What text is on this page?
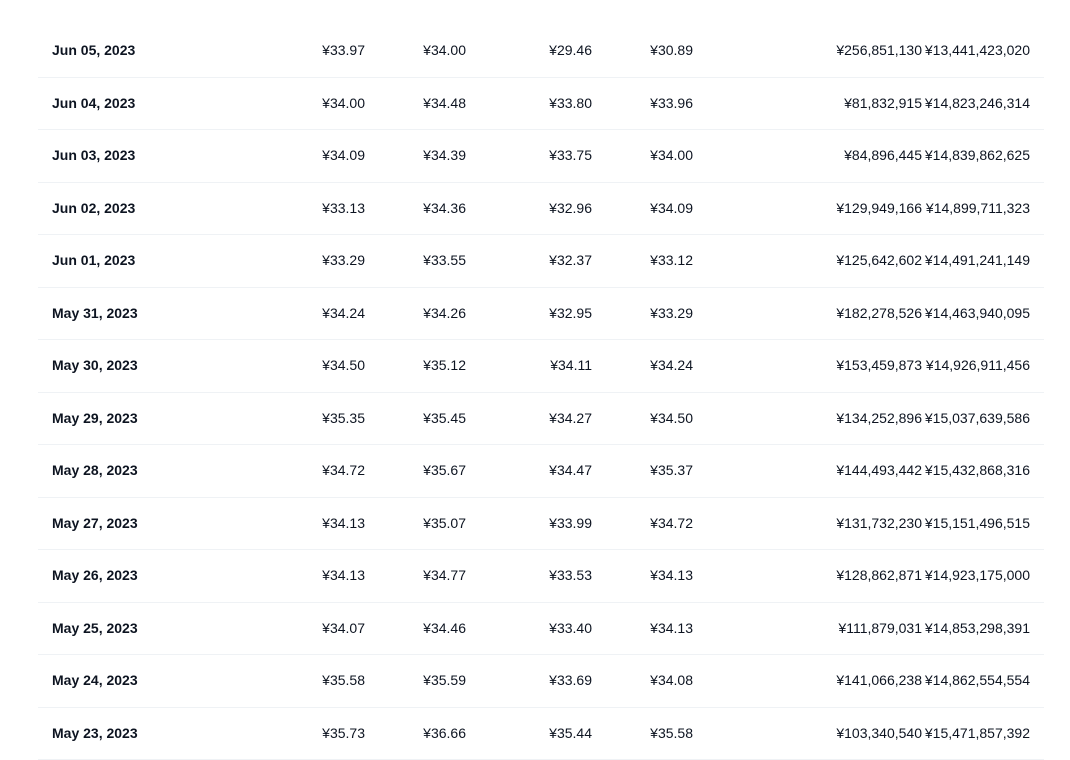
Jun 05, 2023	¥33.97	¥34.00	¥29.46	¥30.89	¥256,851,130 ¥13,441,423,020
Jun 04, 2023	¥34.00	¥34.48	¥33.80	¥33.96	¥81,832,915 ¥14,823,246,314
Jun 03, 2023	¥34.09	¥34.39	¥33.75	¥34.00	¥84,896,445 ¥14,839,862,625
Jun 02, 2023	¥33.13	¥34.36	¥32.96	¥34.09	¥129,949,166 ¥14,899,711,323
Jun 01, 2023	¥33.29	¥33.55	¥32.37	¥33.12	¥125,642,602 ¥14,491,241,149
May 31, 2023	¥34.24	¥34.26	¥32.95	¥33.29	¥182,278,526 ¥14,463,940,095
May 30, 2023	¥34.50	¥35.12	¥34.11	¥34.24	¥153,459,873 ¥14,926,911,456
May 29, 2023	¥35.35	¥35.45	¥34.27	¥34.50	¥134,252,896 ¥15,037,639,586
May 28, 2023	¥34.72	¥35.67	¥34.47	¥35.37	¥144,493,442 ¥15,432,868,316
May 27, 2023	¥34.13	¥35.07	¥33.99	¥34.72	¥131,732,230 ¥15,151,496,515
May 26, 2023	¥34.13	¥34.77	¥33.53	¥34.13	¥128,862,871 ¥14,923,175,000
May 25, 2023	¥34.07	¥34.46	¥33.40	¥34.13	¥111,879,031 ¥14,853,298,391
May 24, 2023	¥35.58	¥35.59	¥33.69	¥34.08	¥141,066,238 ¥14,862,554,554
May 23, 2023	¥35.73	¥36.66	¥35.44	¥35.58	¥103,340,540 ¥15,471,857,392
